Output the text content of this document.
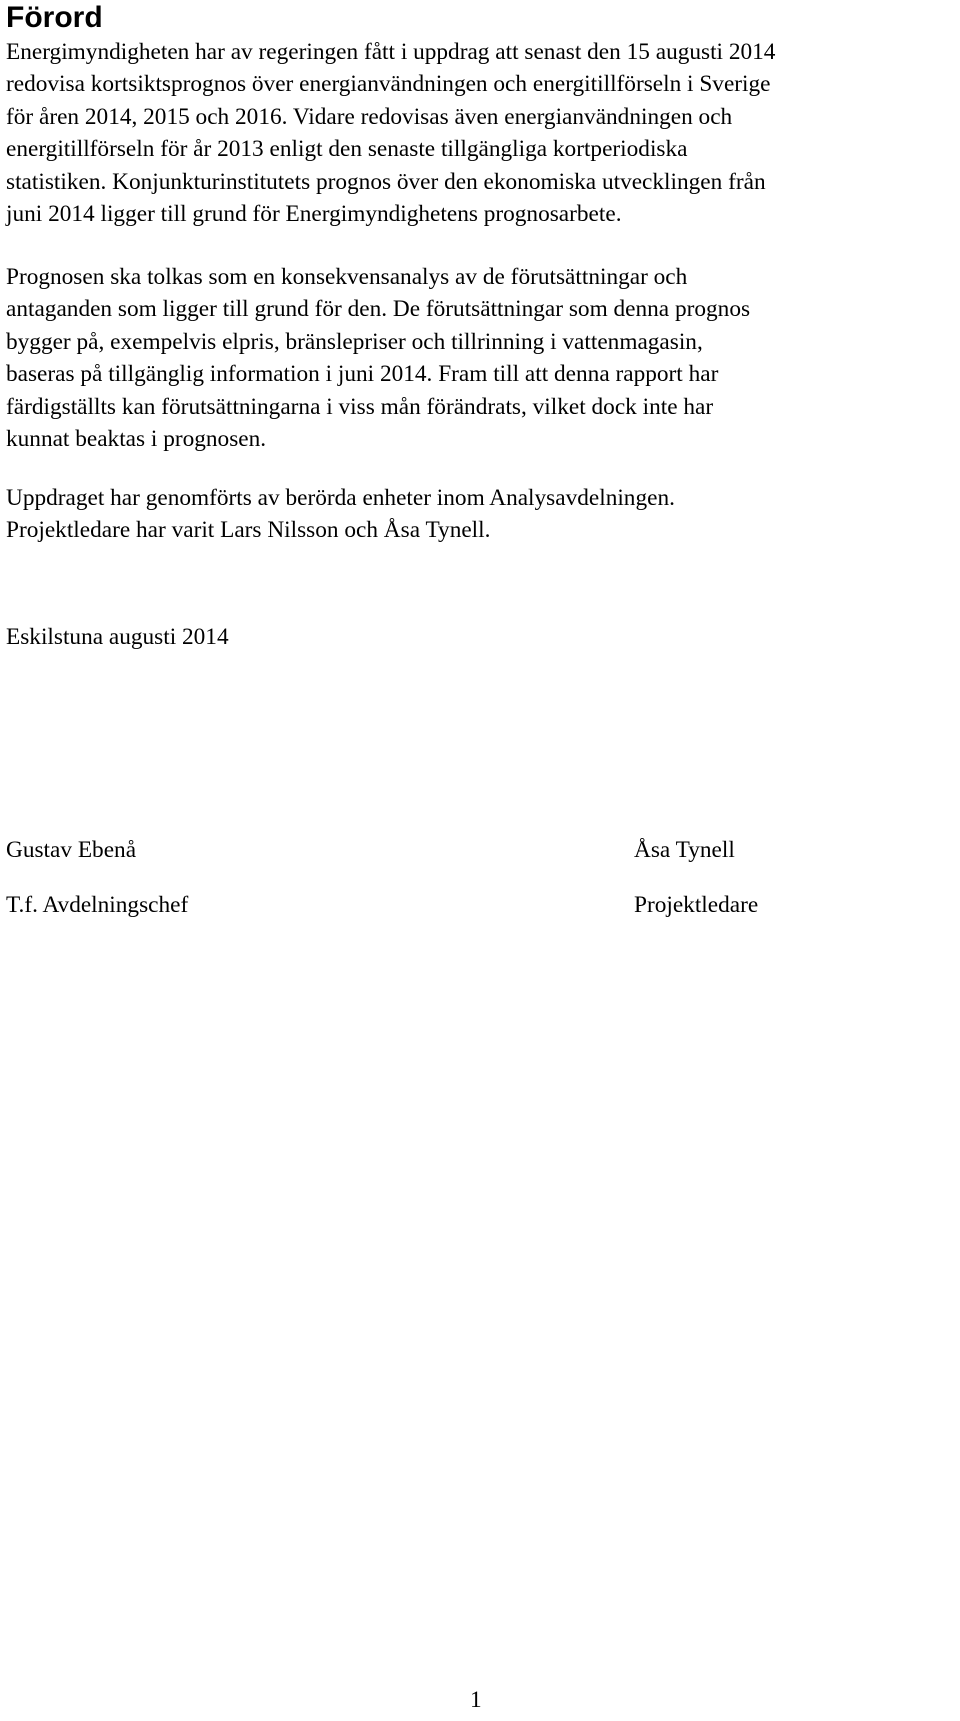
Förord

Energimyndigheten har av regeringen fått i uppdrag att senast den 15 augusti 2014
redovisa kortsiktsprognos över energianvändningen och energitillförseln i Sverige
för åren 2014, 2015 och 2016. Vidare redovisas även energianvändningen och
energitillförseln för år 2013 enligt den senaste tillgängliga kortperiodiska
statistiken. Konjunkturinstitutets prognos över den ekonomiska utvecklingen från
juni 2014 ligger till grund för Energimyndighetens prognosarbete.

Prognosen ska tolkas som en konsekvensanalys av de förutsättningar och
antaganden som ligger till grund för den. De förutsättningar som denna prognos
bygger på, exempelvis elpris, bränslepriser och tillrinning i vattenmagasin,
baseras på tillgänglig information i juni 2014. Fram till att denna rapport har
färdigställts kan förutsättningarna i viss mån förändrats, vilket dock inte har
kunnat beaktas i prognosen.

Uppdraget har genomförts av berörda enheter inom Analysavdelningen.
Projektledare har varit Lars Nilsson och Åsa Tynell.

Eskilstuna augusti 2014
Gustav Ebenå
T.f. Avdelningschef
Åsa Tynell
Projektledare
1
